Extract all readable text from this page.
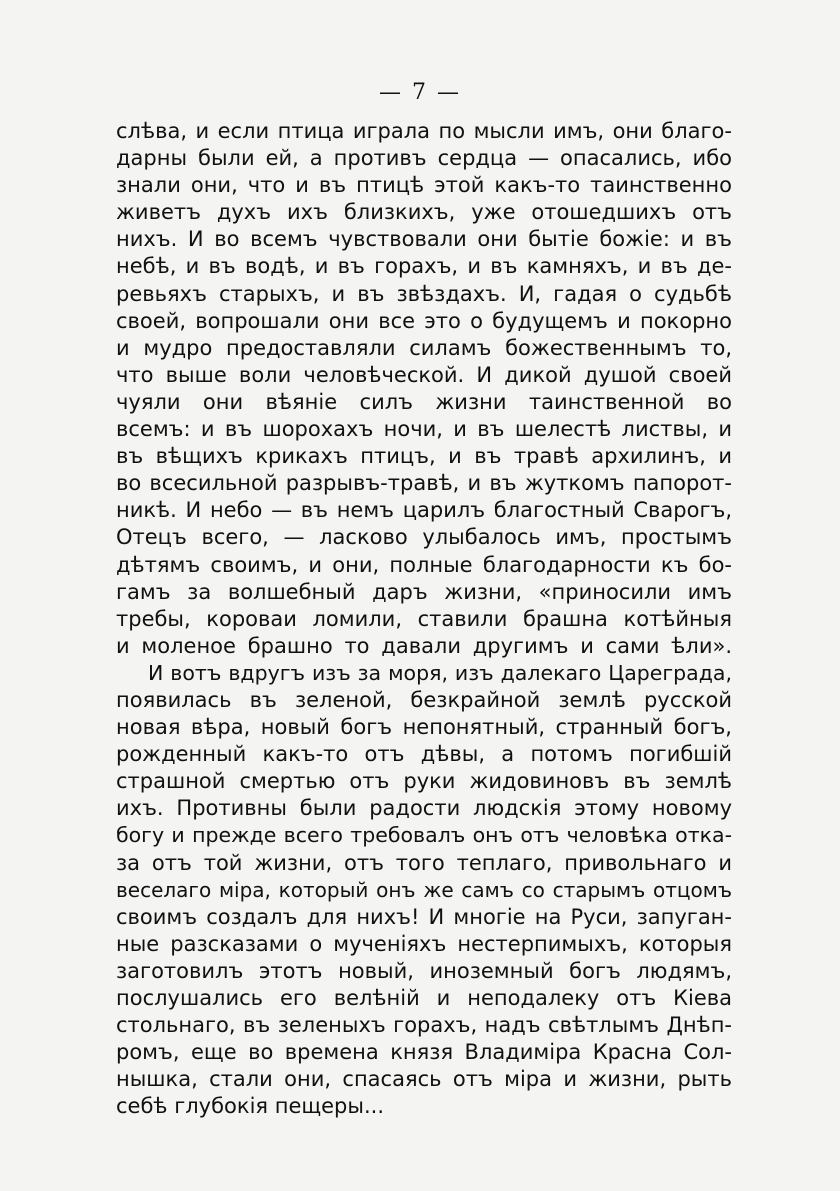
— 7 —
слѣва, и если птица играла по мысли имъ, они благо-
дарны были ей, а противъ сердца — опасались, ибо
знали они, что и въ птицѣ этой какъ-то таинственно
живетъ духъ ихъ близкихъ, уже отошедшихъ отъ
нихъ. И во всемъ чувствовали они бытіе божіе: и въ
небѣ, и въ водѣ, и въ горахъ, и въ камняхъ, и въ де-
ревьяхъ старыхъ, и въ звѣздахъ. И, гадая о судьбѣ
своей, вопрошали они все это о будущемъ и покорно
и мудро предоставляли силамъ божественнымъ то,
что выше воли человѣческой. И дикой душой своей
чуяли они вѣяніе силъ жизни таинственной во
всемъ: и въ шорохахъ ночи, и въ шелестѣ листвы, и
въ вѣщихъ крикахъ птицъ, и въ травѣ архилинъ, и
во всесильной разрывъ-травѣ, и въ жуткомъ папорот-
никѣ. И небо — въ немъ царилъ благостный Сварогъ,
Отецъ всего, — ласково улыбалось имъ, простымъ
дѣтямъ своимъ, и они, полные благодарности къ бо-
гамъ за волшебный даръ жизни, «приносили имъ
требы, короваи ломили, ставили брашна котѣйныя
и моленое брашно то давали другимъ и сами ѣли».
И вотъ вдругъ изъ за моря, изъ далекаго Цареграда,
появилась въ зеленой, безкрайной землѣ русской
новая вѣра, новый богъ непонятный, странный богъ,
рожденный какъ-то отъ дѣвы, а потомъ погибшій
страшной смертью отъ руки жидовиновъ въ землѣ
ихъ. Противны были радости людскія этому новому
богу и прежде всего требовалъ онъ отъ человѣка отка-
за отъ той жизни, отъ того теплаго, привольнаго и
веселаго міра, который онъ же самъ со старымъ отцомъ
своимъ создалъ для нихъ! И многіе на Руси, запуган-
ные разсказами о мученіяхъ нестерпимыхъ, которыя
заготовилъ этотъ новый, иноземный богъ людямъ,
послушались его велѣній и неподалеку отъ Кіева
стольнаго, въ зеленыхъ горахъ, надъ свѣтлымъ Днѣп-
ромъ, еще во времена князя Владиміра Красна Сол-
нышка, стали они, спасаясь отъ міра и жизни, рыть
себѣ глубокія пещеры...
